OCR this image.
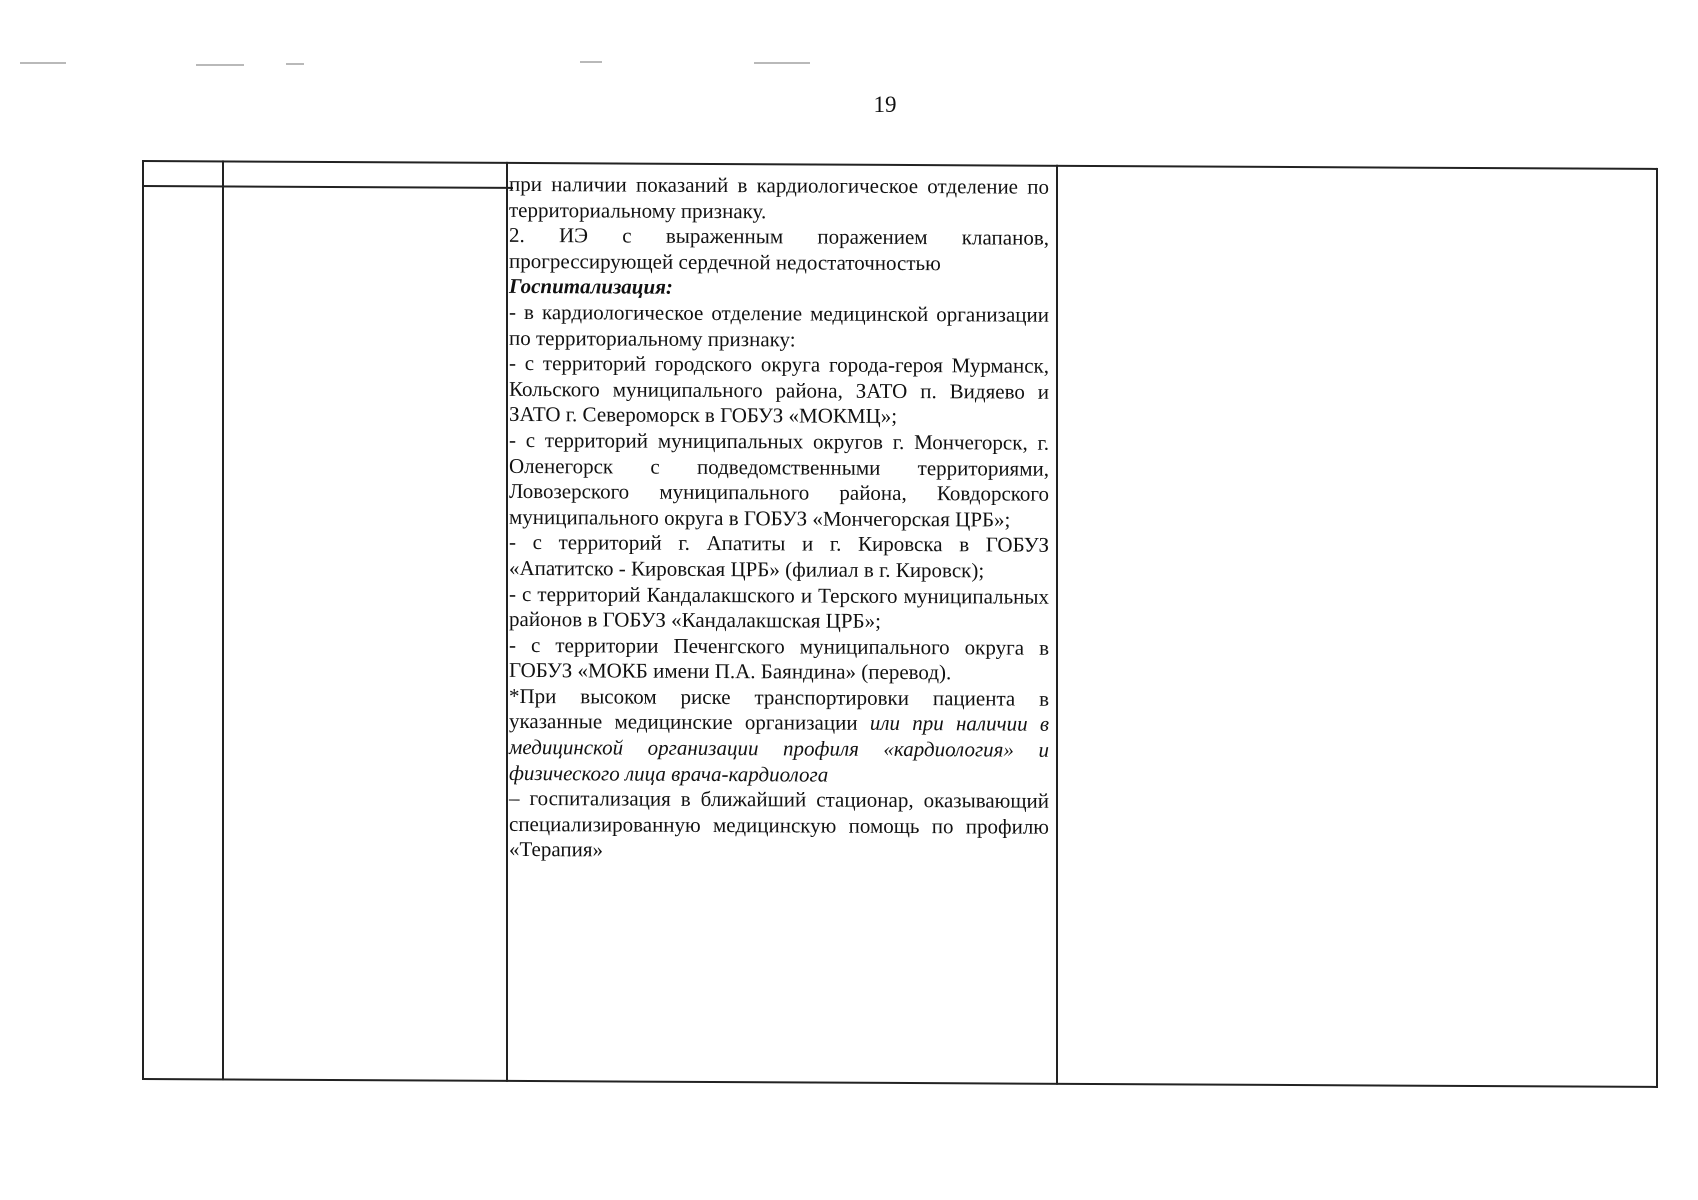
19

при наличии показаний в кардиологическое отделение по территориальному признаку.

2. ИЭ с выраженным поражением клапанов, прогрессирующей сердечной недостаточностью

Госпитализация:

- в кардиологическое отделение медицинской организации по территориальному признаку:

- с территорий городского округа города-героя Мурманск, Кольского муниципального района, ЗАТО п. Видяево и ЗАТО г. Североморск в ГОБУЗ «МОКМЦ»;

- с территорий муниципальных округов г. Мончегорск, г. Оленегорск с подведомственными территориями, Ловозерского муниципального района, Ковдорского муниципального округа в ГОБУЗ «Мончегорская ЦРБ»;

- с территорий г. Апатиты и г. Кировска в ГОБУЗ «Апатитско - Кировская ЦРБ» (филиал в г. Кировск);

- с территорий Кандалакшского и Терского муниципальных районов в ГОБУЗ «Кандалакшская ЦРБ»;

- с территории Печенгского муниципального округа в ГОБУЗ «МОКБ имени П.А. Баяндина» (перевод).

*При высоком риске транспортировки пациента в указанные медицинские организации или при наличии в медицинской организации профиля «кардиология» и физического лица врача-кардиолога

– госпитализация в ближайший стационар, оказывающий специализированную медицинскую помощь по профилю «Терапия»
